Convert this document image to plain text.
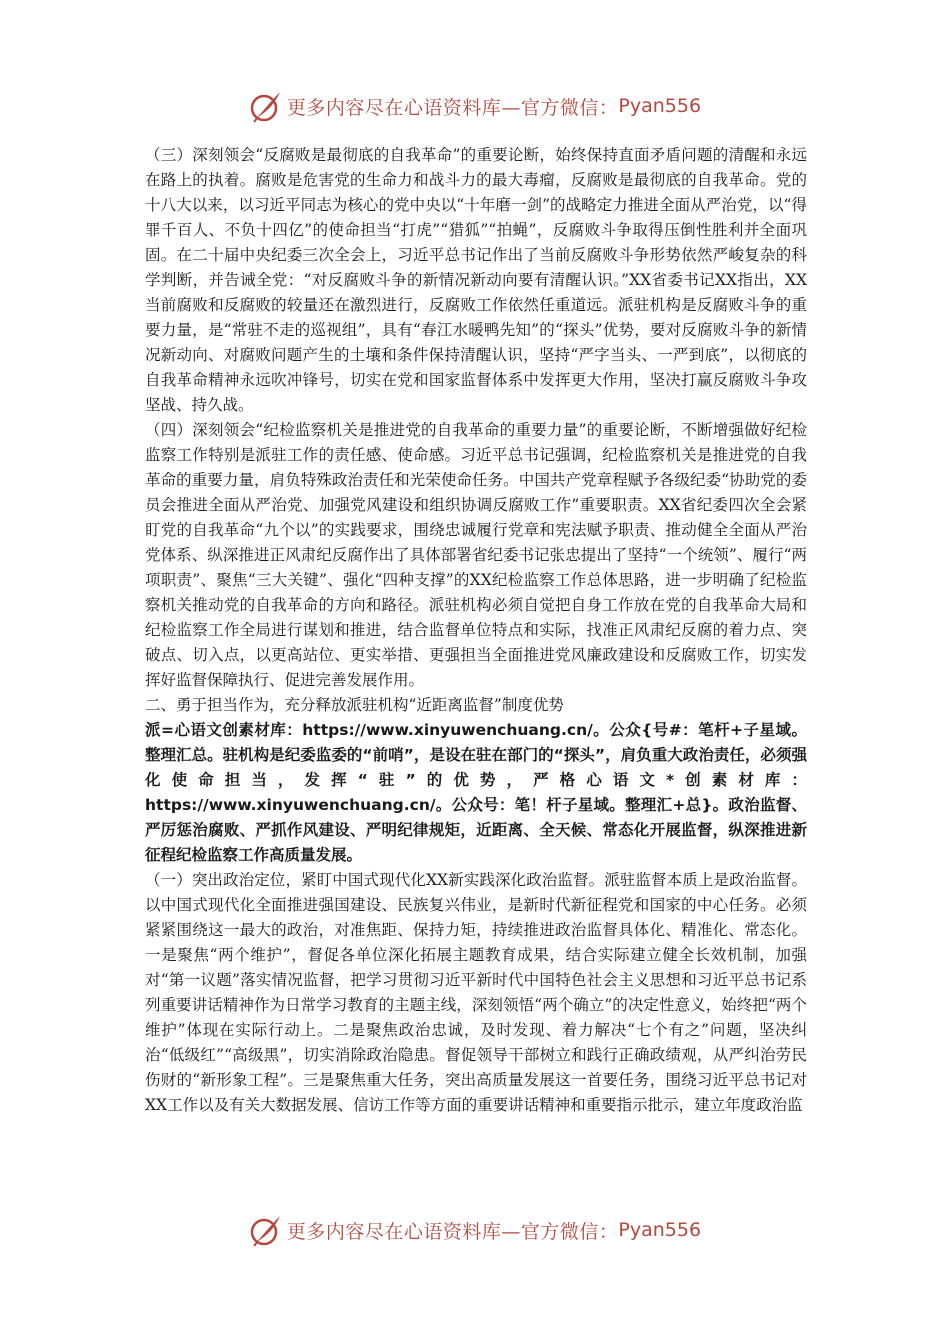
更多内容尽在心语资料库—官方微信： Pyan556

（三）深刻领会“反腐败是最彻底的自我革命”的重要论断，始终保持直面矛盾问题的清醒和永远在路上的执着。腐败是危害党的生命力和战斗力的最大毒瘤，反腐败是最彻底的自我革命。党的十八大以来，以习近平同志为核心的党中央以“十年磨一剑”的战略定力推进全面从严治党，以“得罪千百人、不负十四亿”的使命担当“打虎”“猎狐”“拍蝇”，反腐败斗争取得压倒性胜利并全面巩固。在二十届中央纪委三次全会上，习近平总书记作出了当前反腐败斗争形势依然严峻复杂的科学判断，并告诫全党：“对反腐败斗争的新情况新动向要有清醒认识。”XX省委书记XX指出，XX当前腐败和反腐败的较量还在激烈进行，反腐败工作依然任重道远。派驻机构是反腐败斗争的重要力量，是“常驻不走的巡视组”，具有“春江水暖鸭先知”的“探头”优势，要对反腐败斗争的新情况新动向、对腐败问题产生的土壤和条件保持清醒认识，坚持“严字当头、一严到底”，以彻底的自我革命精神永远吹冲锋号，切实在党和国家监督体系中发挥更大作用，坚决打赢反腐败斗争攻坚战、持久战。

（四）深刻领会“纪检监察机关是推进党的自我革命的重要力量”的重要论断，不断增强做好纪检监察工作特别是派驻工作的责任感、使命感。习近平总书记强调，纪检监察机关是推进党的自我革命的重要力量，肩负特殊政治责任和光荣使命任务。中国共产党章程赋予各级纪委“协助党的委员会推进全面从严治党、加强党风建设和组织协调反腐败工作”重要职责。XX省纪委四次全会紧盯党的自我革命“九个以”的实践要求，围绕忠诚履行党章和宪法赋予职责、推动健全全面从严治党体系、纵深推进正风肃纪反腐作出了具体部署省纪委书记张忠提出了坚持“一个统领”、履行“两项职责”、聚焦“三大关键”、强化“四种支撑”的XX纪检监察工作总体思路，进一步明确了纪检监察机关推动党的自我革命的方向和路径。派驻机构必须自觉把自身工作放在党的自我革命大局和纪检监察工作全局进行谋划和推进，结合监督单位特点和实际，找准正风肃纪反腐的着力点、突破点、切入点，以更高站位、更实举措、更强担当全面推进党风廉政建设和反腐败工作，切实发挥好监督保障执行、促进完善发展作用。

二、勇于担当作为，充分释放派驻机构“近距离监督”制度优势

派=心语文创素材库：https://www.xinyuwenchuang.cn/。公众{号#：笔杆+子星域。整理汇总。驻机构是纪委监委的“前哨”，是设在驻在部门的“探头”，肩负重大政治责任，必须强化使命担当，发挥“驻”的优势，严格心语文*创素材库：https://www.xinyuwenchuang.cn/。公众号：笔！杆子星域。整理汇+总}。政治监督、严厉惩治腐败、严抓作风建设、严明纪律规矩，近距离、全天候、常态化开展监督，纵深推进新征程纪检监察工作高质量发展。

（一）突出政治定位，紧盯中国式现代化XX新实践深化政治监督。派驻监督本质上是政治监督。以中国式现代化全面推进强国建设、民族复兴伟业，是新时代新征程党和国家的中心任务。必须紧紧围绕这一最大的政治，对准焦距、保持力矩，持续推进政治监督具体化、精准化、常态化。一是聚焦“两个维护”，督促各单位深化拓展主题教育成果，结合实际建立健全长效机制，加强对“第一议题”落实情况监督，把学习贯彻习近平新时代中国特色社会主义思想和习近平总书记系列重要讲话精神作为日常学习教育的主题主线，深刻领悟“两个确立”的决定性意义，始终把“两个维护”体现在实际行动上。二是聚焦政治忠诚，及时发现、着力解决“七个有之”问题，坚决纠治“低级红”“高级黑”，切实消除政治隐患。督促领导干部树立和践行正确政绩观，从严纠治劳民伤财的“新形象工程”。三是聚焦重大任务，突出高质量发展这一首要任务，围绕习近平总书记对XX工作以及有关大数据发展、信访工作等方面的重要讲话精神和重要指示批示，建立年度政治监

更多内容尽在心语资料库—官方微信： Pyan556
